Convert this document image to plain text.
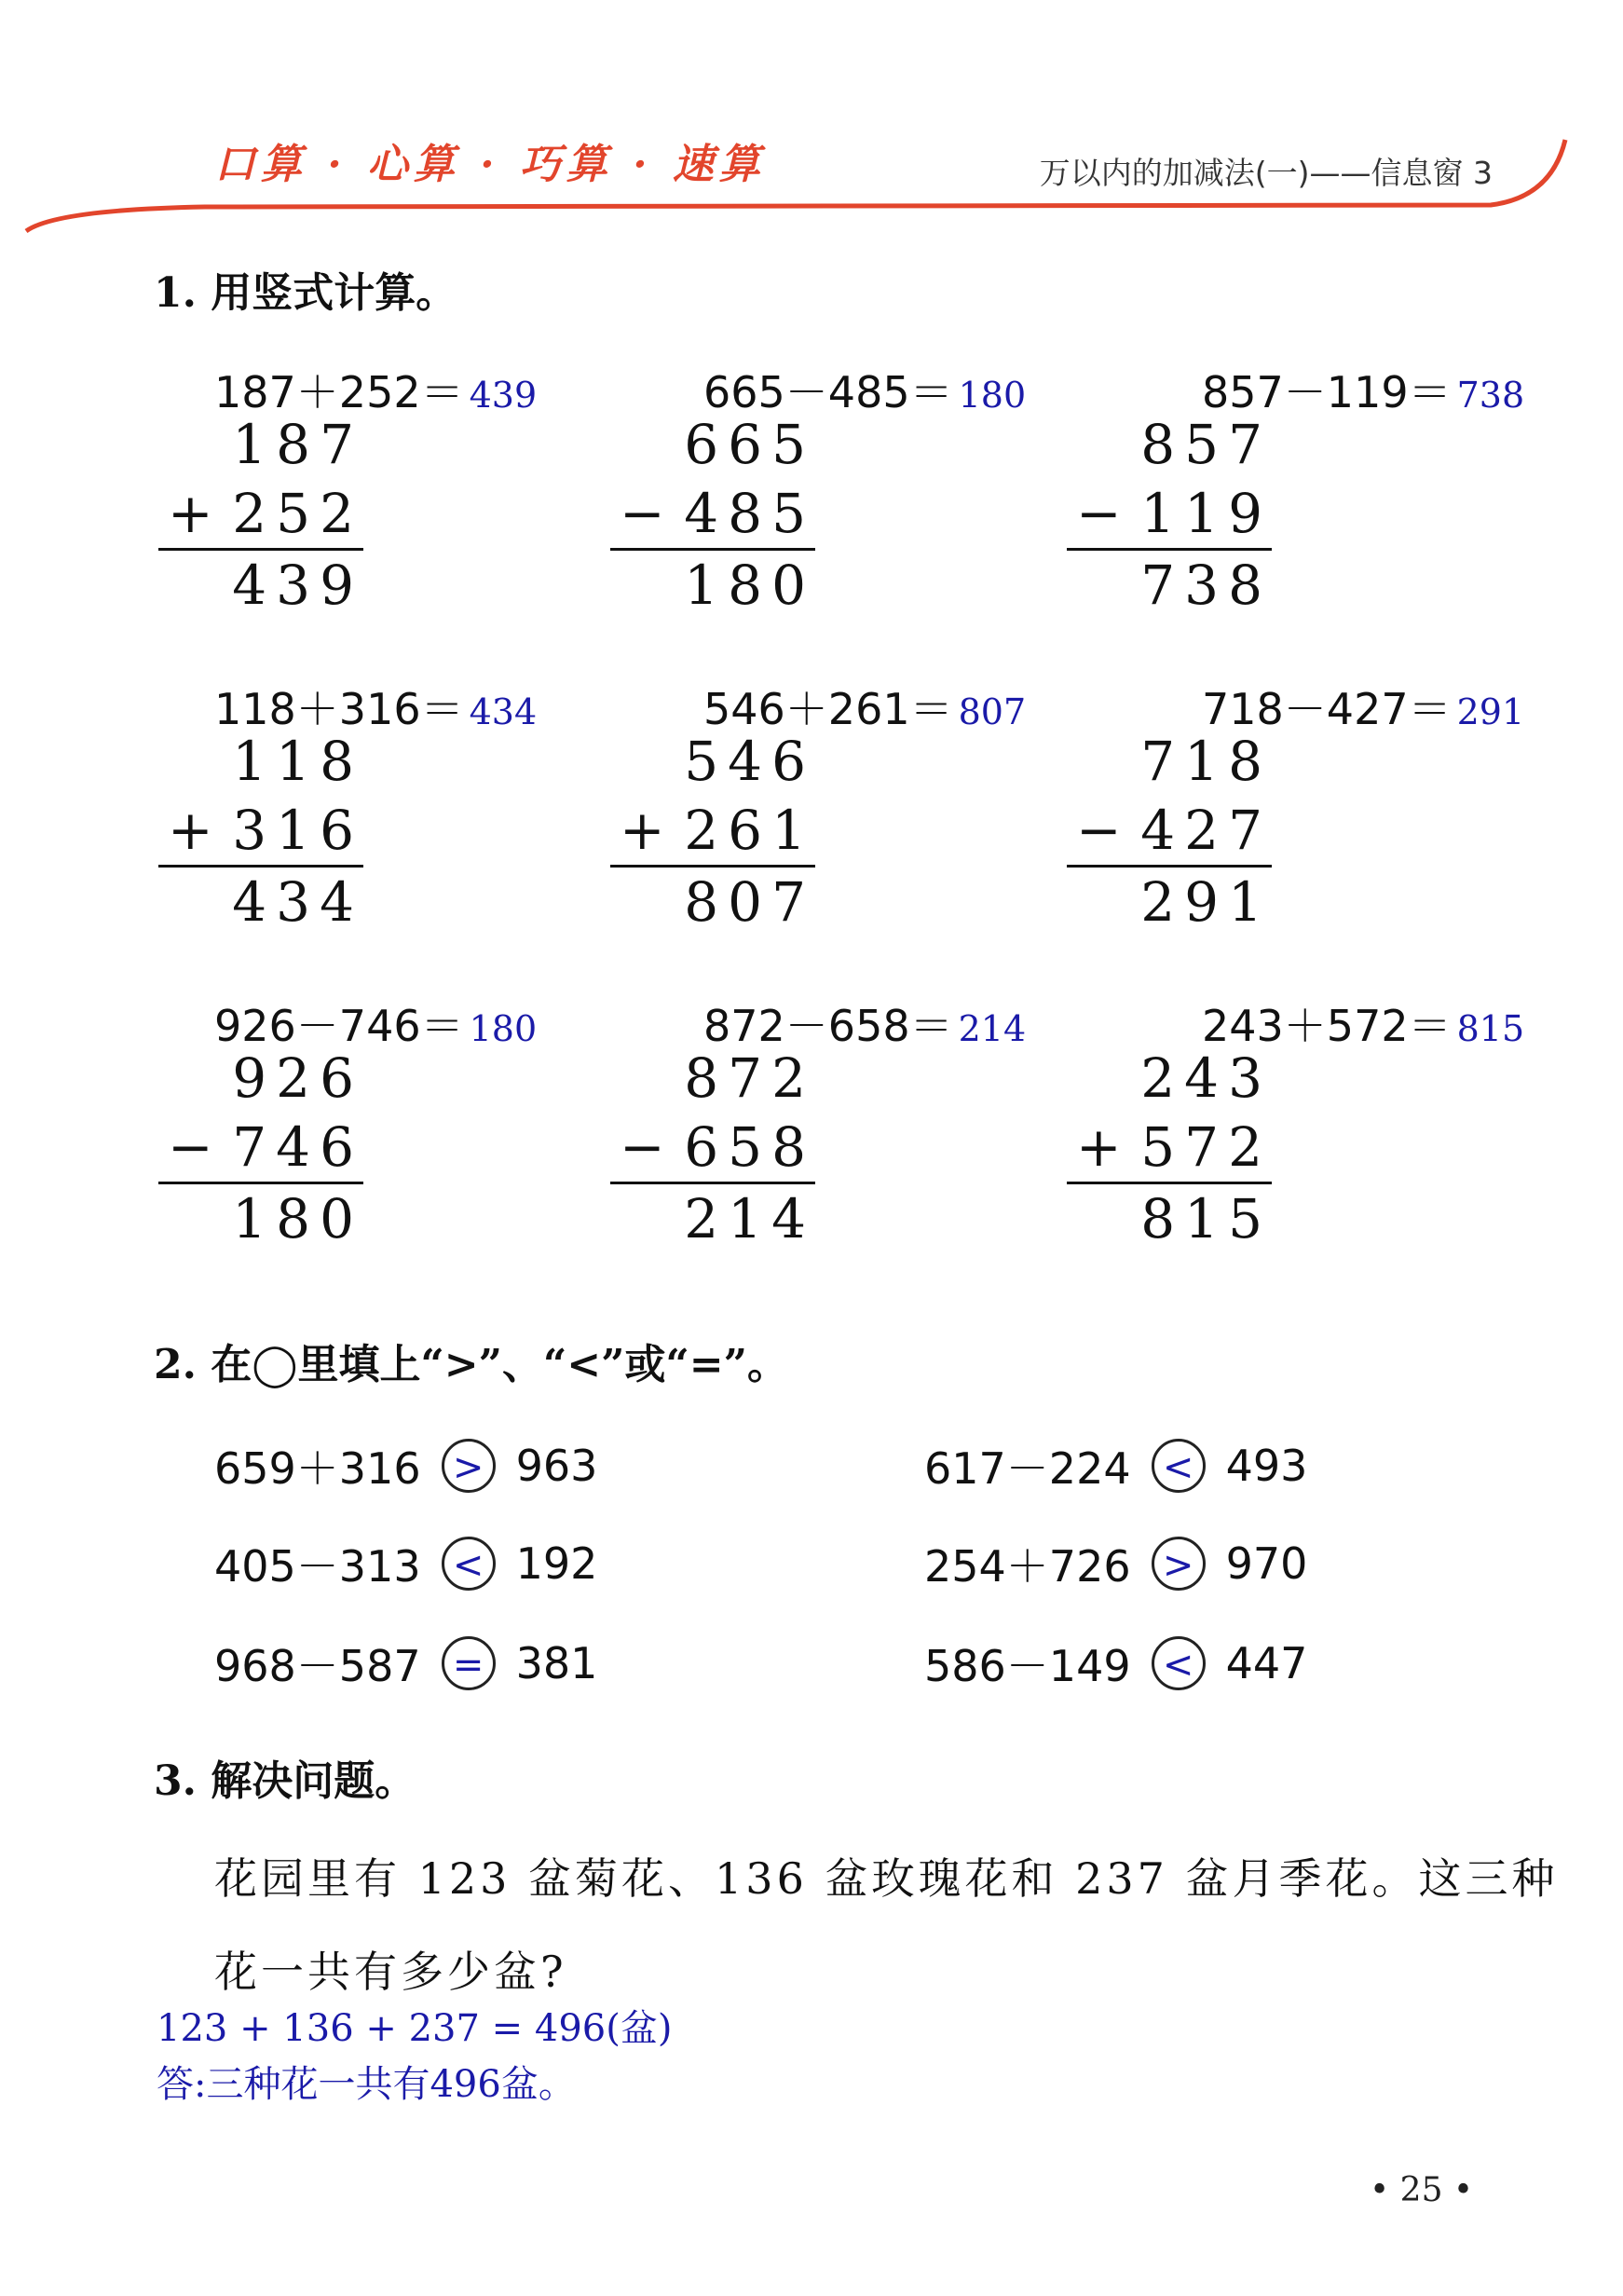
口算 · 心算 · 巧算 · 速算	万以内的加减法(一)——信息窗 3
1. 用竖式计算。
2. 在◯里填上“>”、“<”或“=”。
3. 解决问题。
花园里有 123 盆菊花、136 盆玫瑰花和 237 盆月季花。这三种
花一共有多少盆?
123 + 136 + 237 = 496(盆)
答:三种花一共有496盆。
• 25 •
187＋252＝ 439
187
+ 252
439
665－485＝ 180
665
− 485
180
857－119＝ 738
857
− 119
738
118＋316＝ 434
118
+ 316
434
546＋261＝ 807
546
+ 261
807
718－427＝ 291
718
− 427
291
926－746＝ 180
926
− 746
180
872－658＝ 214
872
− 658
214
243＋572＝ 815
243
+ 572
815
659＋316 > 963	617－224 < 493
405－313 < 192	254＋726 > 970
968－587 = 381	586－149 < 447
